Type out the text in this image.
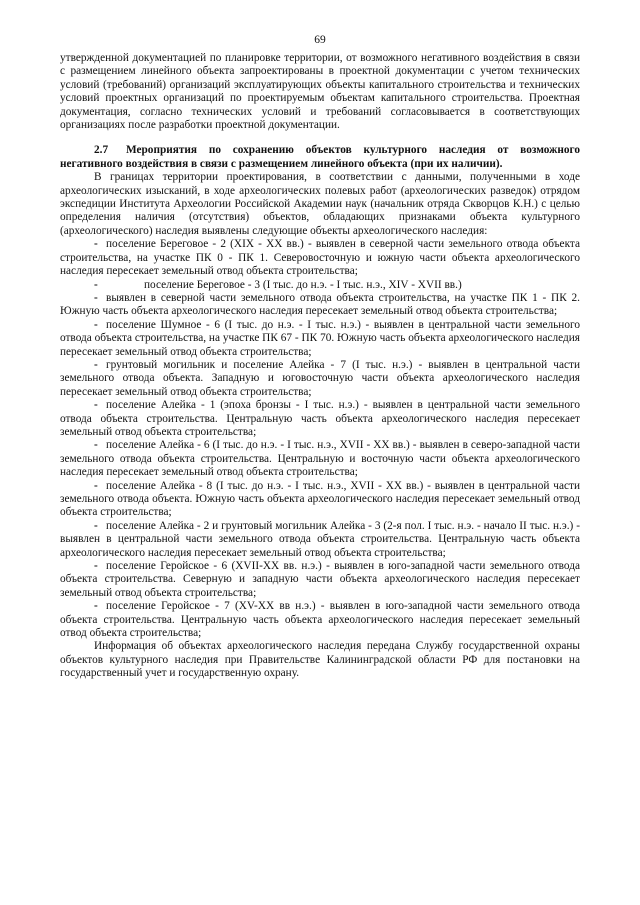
69

утвержденной документацией по планировке территории, от возможного негативного воздействия в связи с размещением линейного объекта запроектированы в проектной документации с учетом технических условий (требований) организаций эксплуатирующих объекты капитального строительства и технических условий проектных организаций по проектируемым объектам капитального строительства. Проектная документация, согласно технических условий и требований согласовывается в соответствующих организациях после разработки проектной документации.

2.7 Мероприятия по сохранению объектов культурного наследия от возможного негативного воздействия в связи с размещением линейного объекта (при их наличии).

В границах территории проектирования, в соответствии с данными, полученными в ходе археологических изысканий, в ходе археологических полевых работ (археологических разведок) отрядом экспедиции Института Археологии Российской Академии наук (начальник отряда Скворцов К.Н.) с целью определения наличия (отсутствия) объектов, обладающих признаками объекта культурного (археологического) наследия выявлены следующие объекты археологического наследия:

- поселение Береговое - 2 (XIX - XX вв.) - выявлен в северной части земельного отвода объекта строительства, на участке ПК 0 - ПК 1. Северовосточную и южную части объекта археологического наследия пересекает земельный отвод объекта строительства;

-	поселение Береговое - 3 (I тыс. до н.э. - I тыс. н.э., XIV - XVII вв.)

- выявлен в северной части земельного отвода объекта строительства, на участке ПК 1 - ПК 2. Южную часть объекта археологического наследия пересекает земельный отвод объекта строительства;

- поселение Шумное - 6 (I тыс. до н.э. - I тыс. н.э.) - выявлен в центральной части земельного отвода объекта строительства, на участке ПК 67 - ПК 70. Южную часть объекта археологического наследия пересекает земельный отвод объекта строительства;

- грунтовый могильник и поселение Алейка - 7 (I тыс. н.э.) - выявлен в центральной части земельного отвода объекта. Западную и юговосточную части объекта археологического наследия пересекает земельный отвод объекта строительства;

- поселение Алейка - 1 (эпоха бронзы - I тыс. н.э.) - выявлен в центральной части земельного отвода объекта строительства. Центральную часть объекта археологического наследия пересекает земельный отвод объекта строительства;

- поселение Алейка - 6 (I тыс. до н.э. - I тыс. н.э., XVII - XX вв.) - выявлен в северо-западной части земельного отвода объекта строительства. Центральную и восточную части объекта археологического наследия пересекает земельный отвод объекта строительства;

- поселение Алейка - 8 (I тыс. до н.э. - I тыс. н.э., XVII - XX вв.) - выявлен в центральной части земельного отвода объекта. Южную часть объекта археологического наследия пересекает земельный отвод объекта строительства;

- поселение Алейка - 2 и грунтовый могильник Алейка - 3 (2-я пол. I тыс. н.э. - начало II тыс. н.э.) - выявлен в центральной части земельного отвода объекта строительства. Центральную часть объекта археологического наследия пересекает земельный отвод объекта строительства;

- поселение Геройское - 6 (XVII-XX вв. н.э.) - выявлен в юго-западной части земельного отвода объекта строительства. Северную и западную части объекта археологического наследия пересекает земельный отвод объекта строительства;

- поселение Геройское - 7 (XV-XX вв н.э.) - выявлен в юго-западной части земельного отвода объекта строительства. Центральную часть объекта археологического наследия пересекает земельный отвод объекта строительства;

Информация об объектах археологического наследия передана Службу государственной охраны объектов культурного наследия при Правительстве Калининградской области РФ для постановки на государственный учет и государственную охрану.
